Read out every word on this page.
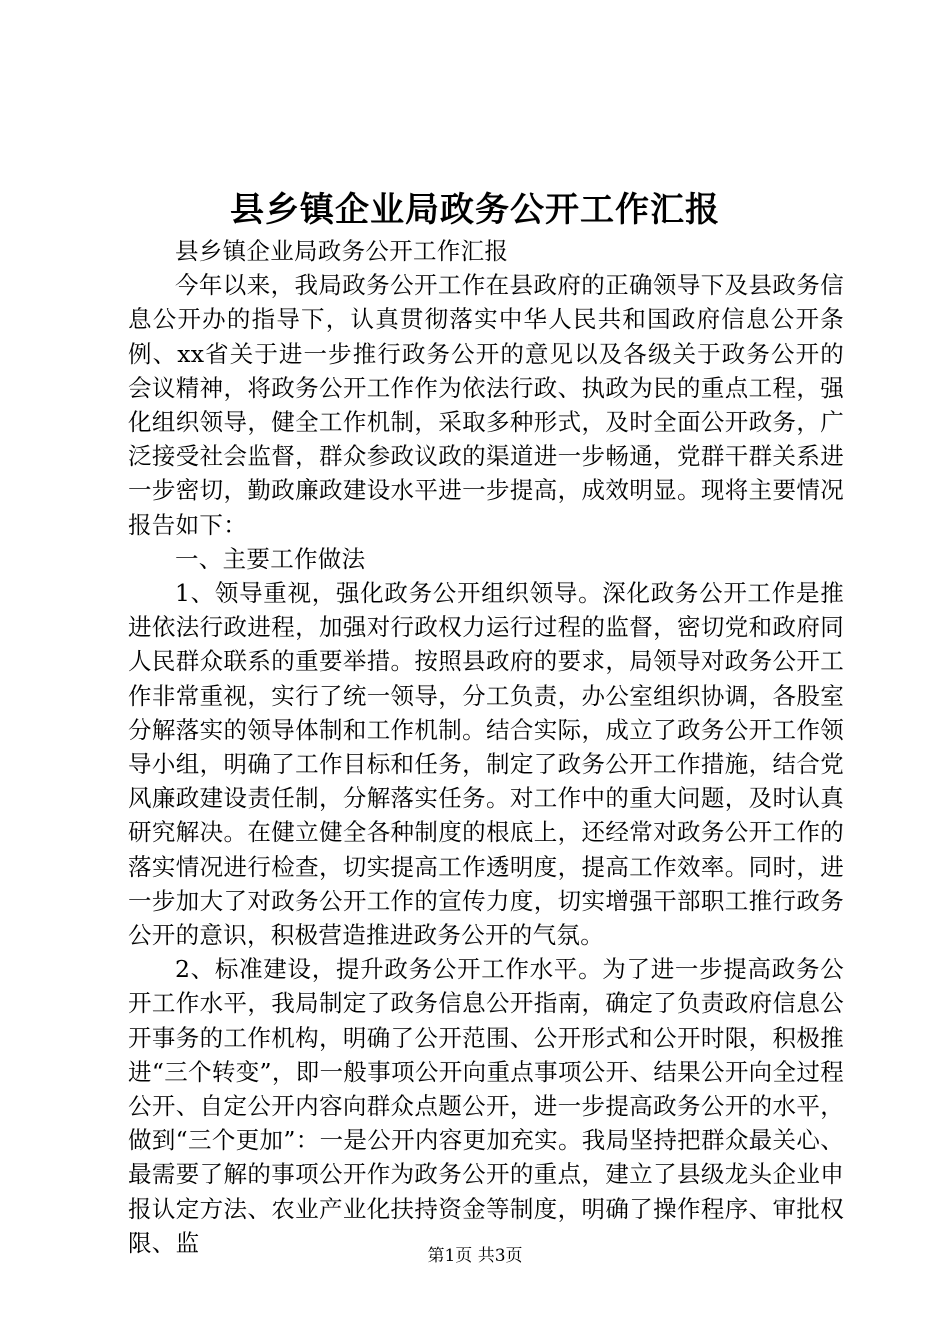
县乡镇企业局政务公开工作汇报

县乡镇企业局政务公开工作汇报

今年以来，我局政务公开工作在县政府的正确领导下及县政务信息公开办的指导下，认真贯彻落实中华人民共和国政府信息公开条例、xx省关于进一步推行政务公开的意见以及各级关于政务公开的会议精神，将政务公开工作作为依法行政、执政为民的重点工程，强化组织领导，健全工作机制，采取多种形式，及时全面公开政务，广泛接受社会监督，群众参政议政的渠道进一步畅通，党群干群关系进一步密切，勤政廉政建设水平进一步提高，成效明显。现将主要情况报告如下：

一、主要工作做法

1、领导重视，强化政务公开组织领导。深化政务公开工作是推进依法行政进程，加强对行政权力运行过程的监督，密切党和政府同人民群众联系的重要举措。按照县政府的要求，局领导对政务公开工作非常重视，实行了统一领导，分工负责，办公室组织协调，各股室分解落实的领导体制和工作机制。结合实际，成立了政务公开工作领导小组，明确了工作目标和任务，制定了政务公开工作措施，结合党风廉政建设责任制，分解落实任务。对工作中的重大问题，及时认真研究解决。在健立健全各种制度的根底上，还经常对政务公开工作的落实情况进行检查，切实提高工作透明度，提高工作效率。同时，进一步加大了对政务公开工作的宣传力度，切实增强干部职工推行政务公开的意识，积极营造推进政务公开的气氛。

2、标准建设，提升政务公开工作水平。为了进一步提高政务公开工作水平，我局制定了政务信息公开指南，确定了负责政府信息公开事务的工作机构，明确了公开范围、公开形式和公开时限，积极推进“三个转变”，即一般事项公开向重点事项公开、结果公开向全过程公开、自定公开内容向群众点题公开，进一步提高政务公开的水平，做到“三个更加”：一是公开内容更加充实。我局坚持把群众最关心、最需要了解的事项公开作为政务公开的重点，建立了县级龙头企业申报认定方法、农业产业化扶持资金等制度，明确了操作程序、审批权限、监	第1页 共3页
